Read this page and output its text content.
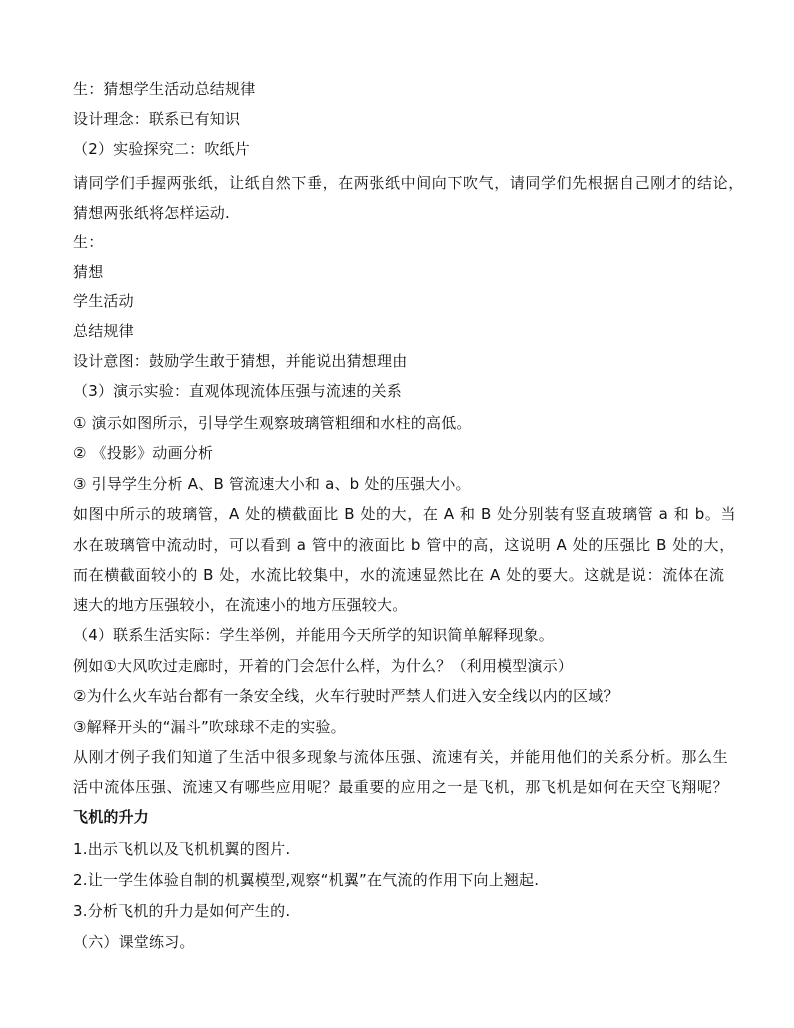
生：猜想学生活动总结规律
设计理念：联系已有知识
（2）实验探究二：吹纸片
请同学们手握两张纸，让纸自然下垂，在两张纸中间向下吹气，请同学们先根据自己刚才的结论，
猜想两张纸将怎样运动.
生：
猜想
学生活动
总结规律
设计意图：鼓励学生敢于猜想，并能说出猜想理由
（3）演示实验：直观体现流体压强与流速的关系
① 演示如图所示，引导学生观察玻璃管粗细和水柱的高低。
② 《投影》动画分析
③ 引导学生分析 A、B 管流速大小和 a、b 处的压强大小。
如图中所示的玻璃管，A 处的横截面比 B 处的大，在 A 和 B 处分别装有竖直玻璃管 a 和 b。当
水在玻璃管中流动时，可以看到 a 管中的液面比 b 管中的高，这说明 A 处的压强比 B 处的大，
而在横截面较小的 B 处，水流比较集中，水的流速显然比在 A 处的要大。这就是说：流体在流
速大的地方压强较小，在流速小的地方压强较大。
（4）联系生活实际：学生举例，并能用今天所学的知识简单解释现象。
例如①大风吹过走廊时，开着的门会怎什么样，为什么？（利用模型演示）
②为什么火车站台都有一条安全线，火车行驶时严禁人们进入安全线以内的区域？
③解释开头的“漏斗”吹球球不走的实验。
从刚才例子我们知道了生活中很多现象与流体压强、流速有关，并能用他们的关系分析。那么生
活中流体压强、流速又有哪些应用呢？最重要的应用之一是飞机，那飞机是如何在天空飞翔呢？
飞机的升力
1.出示飞机以及飞机机翼的图片.
2.让一学生体验自制的机翼模型,观察“机翼”在气流的作用下向上翘起.
3.分析飞机的升力是如何产生的.
（六）课堂练习。
